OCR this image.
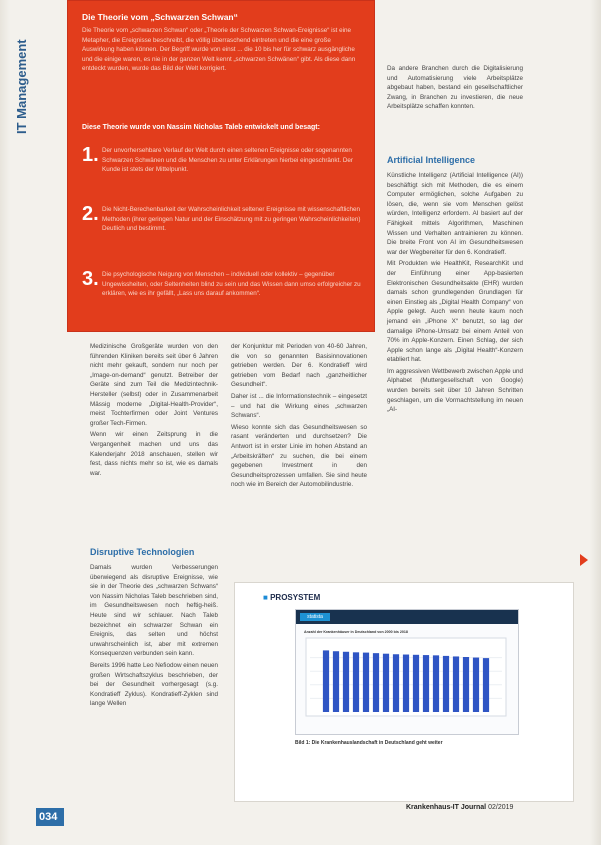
IT Management
Die Theorie vom „Schwarzen Schwan“
Die Theorie vom „schwarzen Schwan“ oder „Theorie der Schwarzen Schwan-Ereignisse“ ist eine Metapher, die Ereignisse beschreibt, die völlig überraschend eintreten und die eine große Auswirkung haben können. Der Begriff wurde von einst ... die 10 bis her für schwarz ausgängliche und die einige waren, es nie in der ganzen Welt kennt „schwarzen Schwänen“ gibt. Als diese dann entdeckt wurden, wurde das Bild der Welt korrigiert.
Diese Theorie wurde von Nassim Nicholas Taleb entwickelt und besagt:
1. Der unvorhersehbare Verlauf der Welt durch einen seltenen Ereignisse oder sogenannten Schwarzen Schwänen und die Menschen zu unter Erklärungen hierbei eingeschränkt. Der Kunde ist stets der Mittelpunkt.
2. Die Nicht-Berechenbarkeit der Wahrscheinlichkeit seltener Ereignisse mit wissenschaftlichen Methoden (ihrer geringen Natur und der Einschätzung mit zu geringen Wahrscheinlichkeiten) Deutlich und bestimmt.
3. Die psychologische Neigung von Menschen – individuell oder kollektiv – gegenüber Ungewissheiten, oder Seltenheiten blind zu sein und das Wissen dann umso erfolgreicher zu erklären, wie es ihr gefällt, „Lass uns darauf ankommen“.

Medizinische Großgeräte wurden von den führenden Kliniken bereits seit über 6 Jahren nicht mehr gekauft, sondern nur noch per „Image-on-demand“ genutzt. Betreiber der Geräte sind zum Teil die Medizintechnik-Hersteller (selbst) oder in Zusammenarbeit Mässig moderne „Digital-Health-Provider“, meist Tochterfirmen oder Joint Ventures großer Tech-Firmen.

Wenn wir einen Zeitsprung in die Vergangenheit machen und uns das Kalenderjahr 2018 anschauen, stellen wir fest, dass nichts mehr so ist, wie es damals war.

Disruptive Technologien

Damals wurden Verbesserungen überwiegend als disruptive Ereignisse, wie sie in der Theorie des „schwarzen Schwans“ von Nassim Nicholas Taleb beschrieben sind, im Gesundheitswesen noch heftig-heiß. Heute sind wir schlauer. Nach Taleb bezeichnet ein schwarzer Schwan ein Ereignis, das selten und höchst unwahrscheinlich ist, aber mit extremen Konsequenzen verbunden sein kann.

Bereits 1996 hatte Leo Nefiodow einen neuen großen Wirtschaftszyklus beschrieben, der bei der Gesundheit vorhergesagt (s.g. Kondratieff Zyklus). Kondratieff-Zyklen sind lange Wellen

der Konjunktur mit Perioden von 40-60 Jahren, die von so genannten Basisinnovationen getrieben werden. Der 6. Kondratieff wird getrieben vom Bedarf nach „ganzheitlicher Gesundheit“.

Daher ist ... die Informationstechnik – eingesetzt – und hat die Wirkung eines „schwarzen Schwans“.

Wieso konnte sich das Gesundheitswesen so rasant veränderten und durchsetzen? Die Antwort ist in erster Linie im hohen Abstand an „Arbeitskräften“ zu suchen, die bei einem gegebenen Investment in den Gesundheitsprozessen umfallen. Sie sind heute noch wie im Bereich der Automobilindustrie.

Da andere Branchen durch die Digitalisierung und Automatisierung viele Arbeitsplätze abgebaut haben, bestand ein gesellschaftlicher Zwang, in Branchen zu investieren, die neue Arbeitsplätze schaffen konnten.

Artificial Intelligence

Künstliche Intelligenz (Artificial Intelligence (AI)) beschäftigt sich mit Methoden, die es einem Computer ermöglichen, solche Aufgaben zu lösen, die, wenn sie vom Menschen gelöst würden, Intelligenz erfordern. AI basiert auf der Fähigkeit mittels Algorithmen, Maschinen Wissen und Verhalten antrainieren zu können. Die breite Front von AI im Gesundheitswesen war der Wegbereiter für den 6. Kondratieff.

Mit Produkten wie HealthKit, ResearchKit und der Einführung einer App-basierten Elektronischen Gesundheitsakte (EHR) wurden damals schon grundlegenden Grundlagen für einen Einstieg als „Digital Health Company“ von Apple gelegt. Auch wenn heute kaum noch jemand ein „iPhone X“ benutzt, so lag der damalige iPhone-Umsatz bei einem Anteil von 70% im Apple-Konzern. Einen Schlag, der sich Apple schon lange als „Digital Health“-Konzern etabliert hat.

Im aggressiven Wettbewerb zwischen Apple und Alphabet (Muttergesellschaft von Google) wurden bereits seit über 10 Jahren Schritten geschlagen, um die Vormachtstellung im neuen „AI-

■ PROSYSTEM
statista
Anzahl der Krankenhäuser in Deutschland von 2000 bis 2018
Bild 1: Die Krankenhauslandschaft in Deutschland geht weiter
034
Krankenhaus-IT Journal 02/2019
